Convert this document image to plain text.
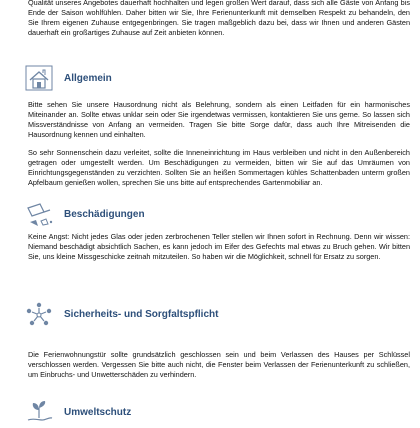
Qualität unseres Angebotes dauerhaft hochhalten und legen großen Wert darauf, dass sich alle Gäste von Anfang bis Ende der Saison wohlfühlen. Daher bitten wir Sie, Ihre Ferienunterkunft mit demselben Respekt zu behandeln, den Sie Ihrem eigenen Zuhause entgegenbringen. Sie tragen maßgeblich dazu bei, dass wir Ihnen und anderen Gästen dauerhaft ein großartiges Zuhause auf Zeit anbieten können.

Allgemein

Bitte sehen Sie unsere Hausordnung nicht als Belehrung, sondern als einen Leitfaden für ein harmonisches Miteinander an. Sollte etwas unklar sein oder Sie irgendetwas vermissen, kontaktieren Sie uns gerne. So lassen sich Missverständnisse von Anfang an vermeiden. Tragen Sie bitte Sorge dafür, dass auch Ihre Mitreisenden die Hausordnung kennen und einhalten.

So sehr Sonnenschein dazu verleitet, sollte die Inneneinrichtung im Haus verbleiben und nicht in den Außenbereich getragen oder umgestellt werden. Um Beschädigungen zu vermeiden, bitten wir Sie auf das Umräumen von Einrichtungsgegenständen zu verzichten. Sollten Sie an heißen Sommertagen kühles Schattenbaden unterm großen Apfelbaum genießen wollen, sprechen Sie uns bitte auf entsprechendes Gartenmobiliar an.

Beschädigungen

Keine Angst: Nicht jedes Glas oder jeden zerbrochenen Teller stellen wir Ihnen sofort in Rechnung. Denn wir wissen: Niemand beschädigt absichtlich Sachen, es kann jedoch im Eifer des Gefechts mal etwas zu Bruch gehen. Wir bitten Sie, uns kleine Missgeschicke zeitnah mitzuteilen. So haben wir die Möglichkeit, schnell für Ersatz zu sorgen.

Sicherheits- und Sorgfaltspflicht

Die Ferienwohnungstür sollte grundsätzlich geschlossen sein und beim Verlassen des Hauses per Schlüssel verschlossen werden. Vergessen Sie bitte auch nicht, die Fenster beim Verlassen der Ferienunterkunft zu schließen, um Einbruchs- und Unwetterschäden zu verhindern.

Umweltschutz
